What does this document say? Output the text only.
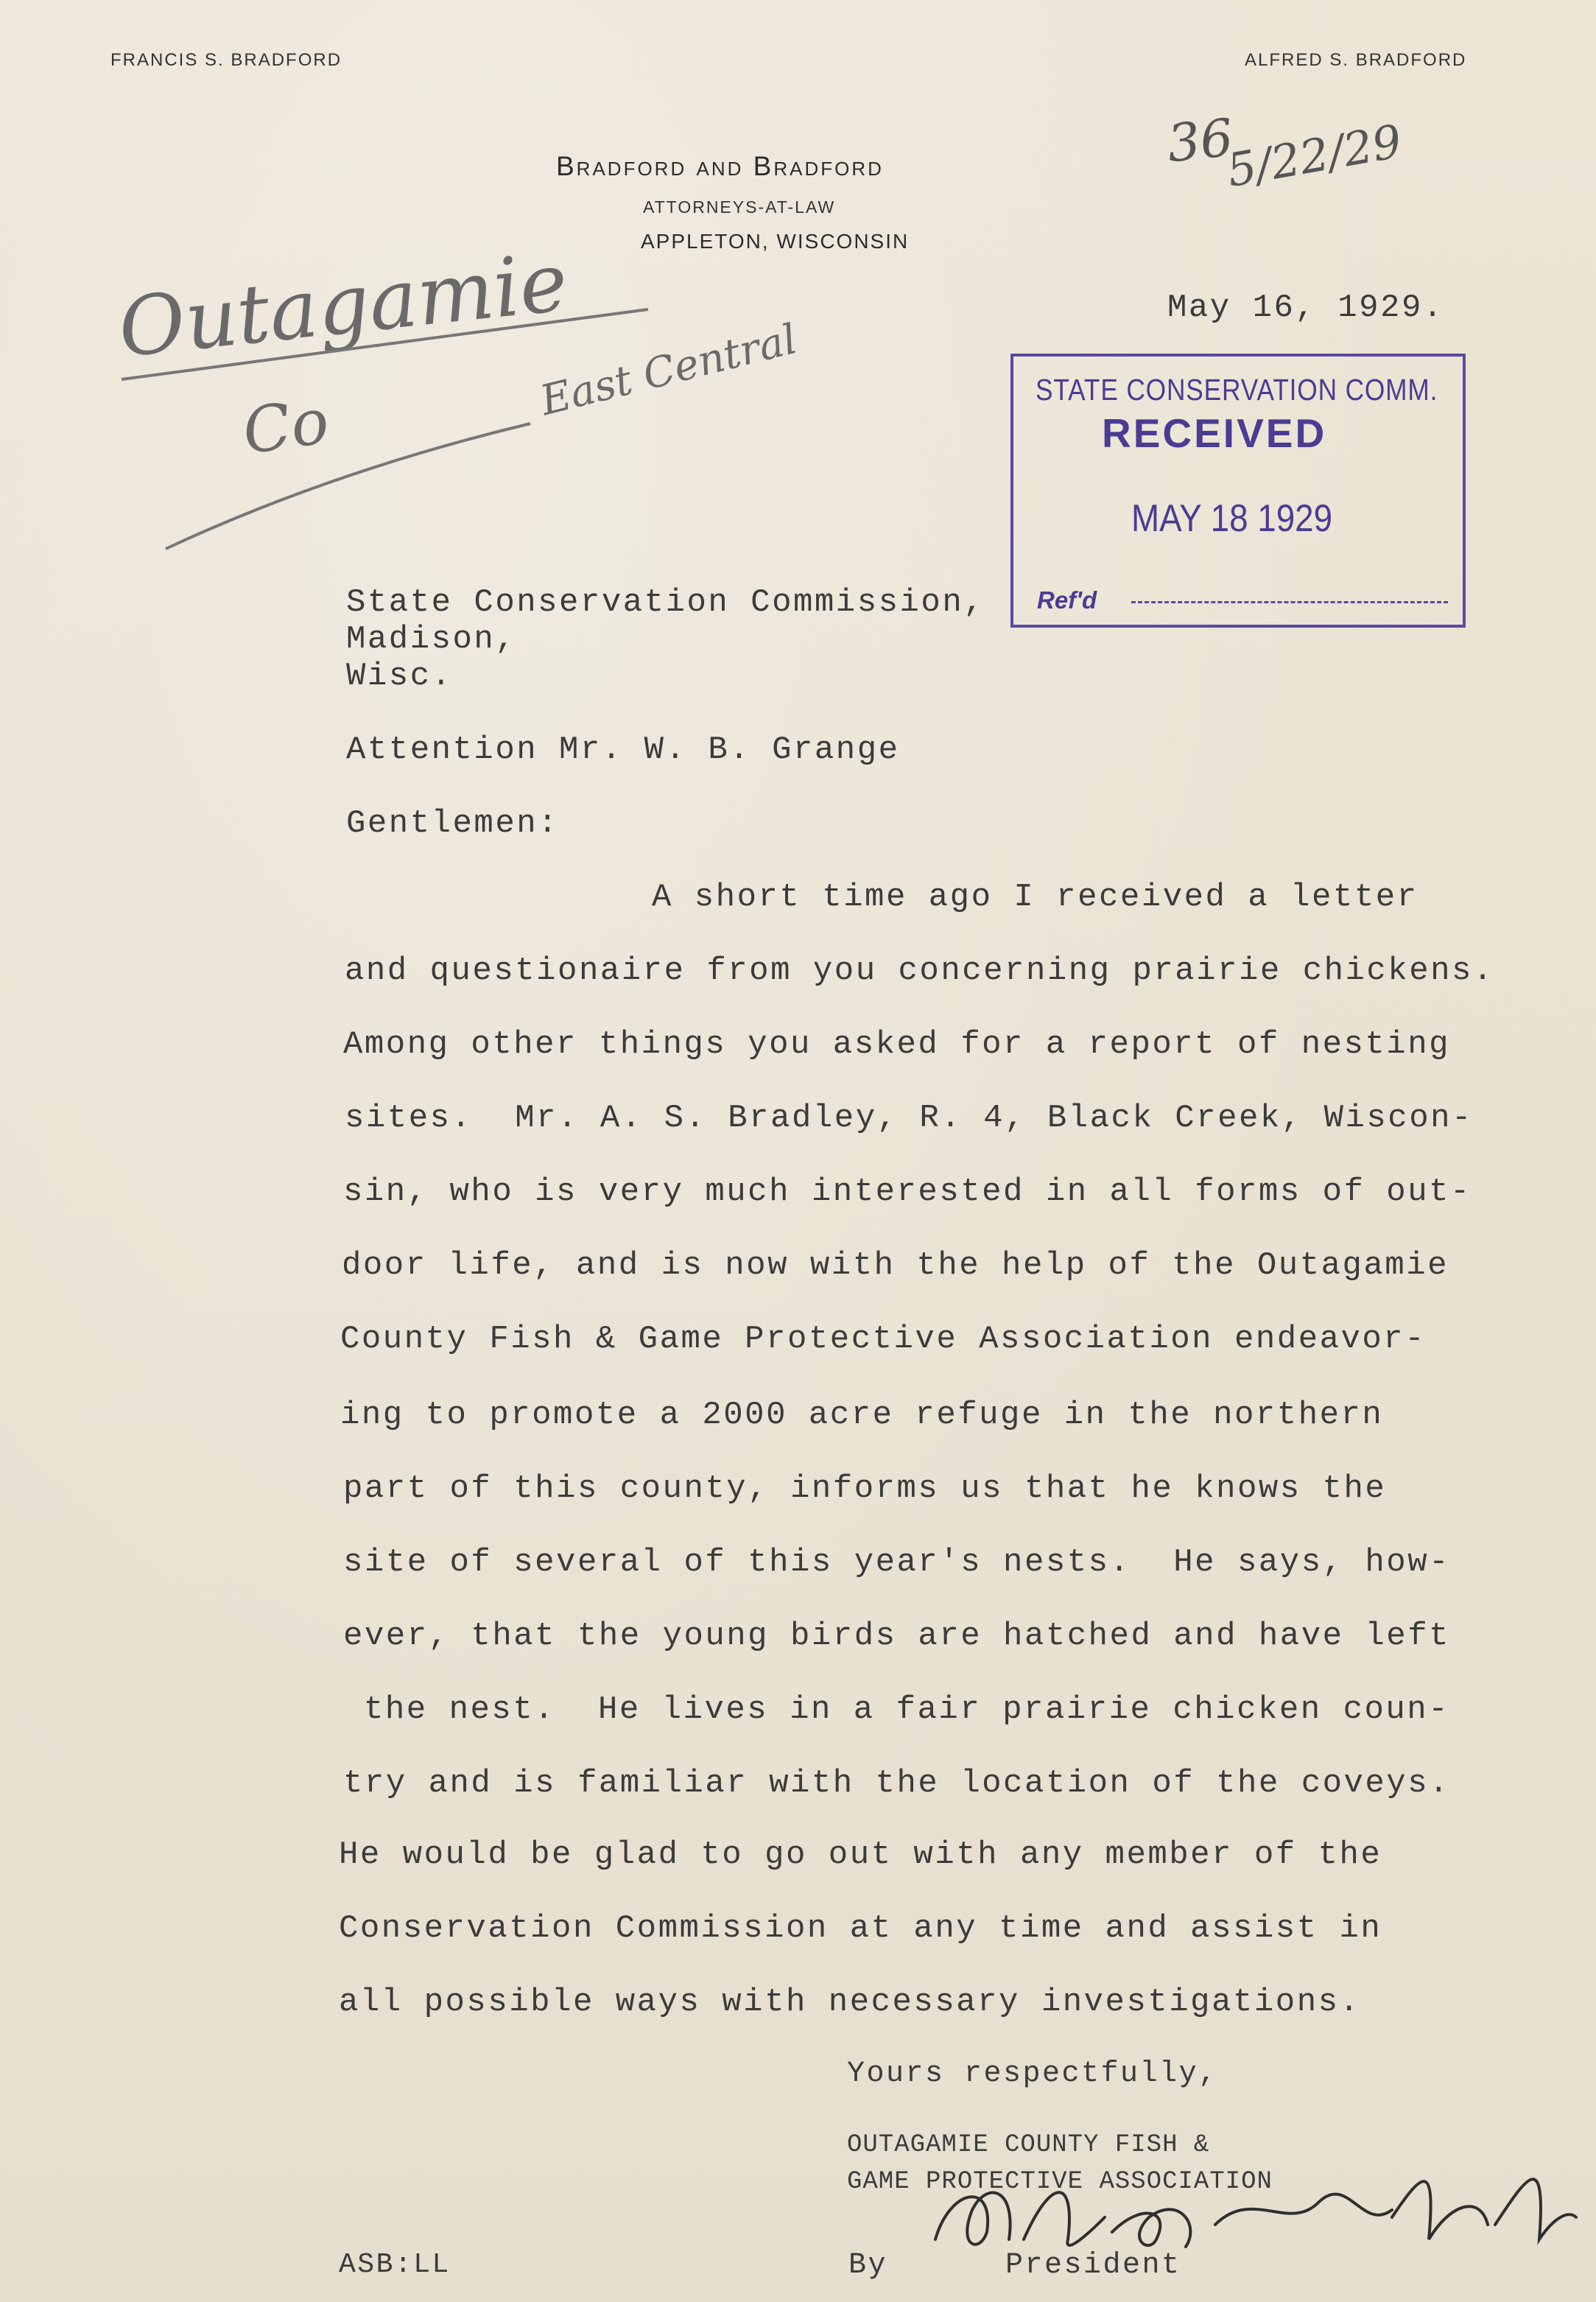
FRANCIS S. BRADFORD	ALFRED S. BRADFORD
Bradford and Bradford
ATTORNEYS-AT-LAW
APPLETON, WISCONSIN
36
5/22/29
Outagamie
Co
East Central
May 16, 1929.
STATE CONSERVATION COMM.
RECEIVED
MAY 18 1929
Ref'd
State Conservation Commission,
Madison,
Wisc.
Attention Mr. W. B. Grange
Gentlemen:
A short time ago I received a letter
and questionaire from you concerning prairie chickens.
Among other things you asked for a report of nesting
sites.  Mr. A. S. Bradley, R. 4, Black Creek, Wiscon-
sin, who is very much interested in all forms of out-
door life, and is now with the help of the Outagamie
County Fish & Game Protective Association endeavor-
ing to promote a 2000 acre refuge in the northern
part of this county, informs us that he knows the
site of several of this year's nests.  He says, how-
ever, that the young birds are hatched and have left
the nest.  He lives in a fair prairie chicken coun-
try and is familiar with the location of the coveys.
He would be glad to go out with any member of the
Conservation Commission at any time and assist in
all possible ways with necessary investigations.
Yours respectfully,
OUTAGAMIE COUNTY FISH &
GAME PROTECTIVE ASSOCIATION
By	President
ASB:LL
